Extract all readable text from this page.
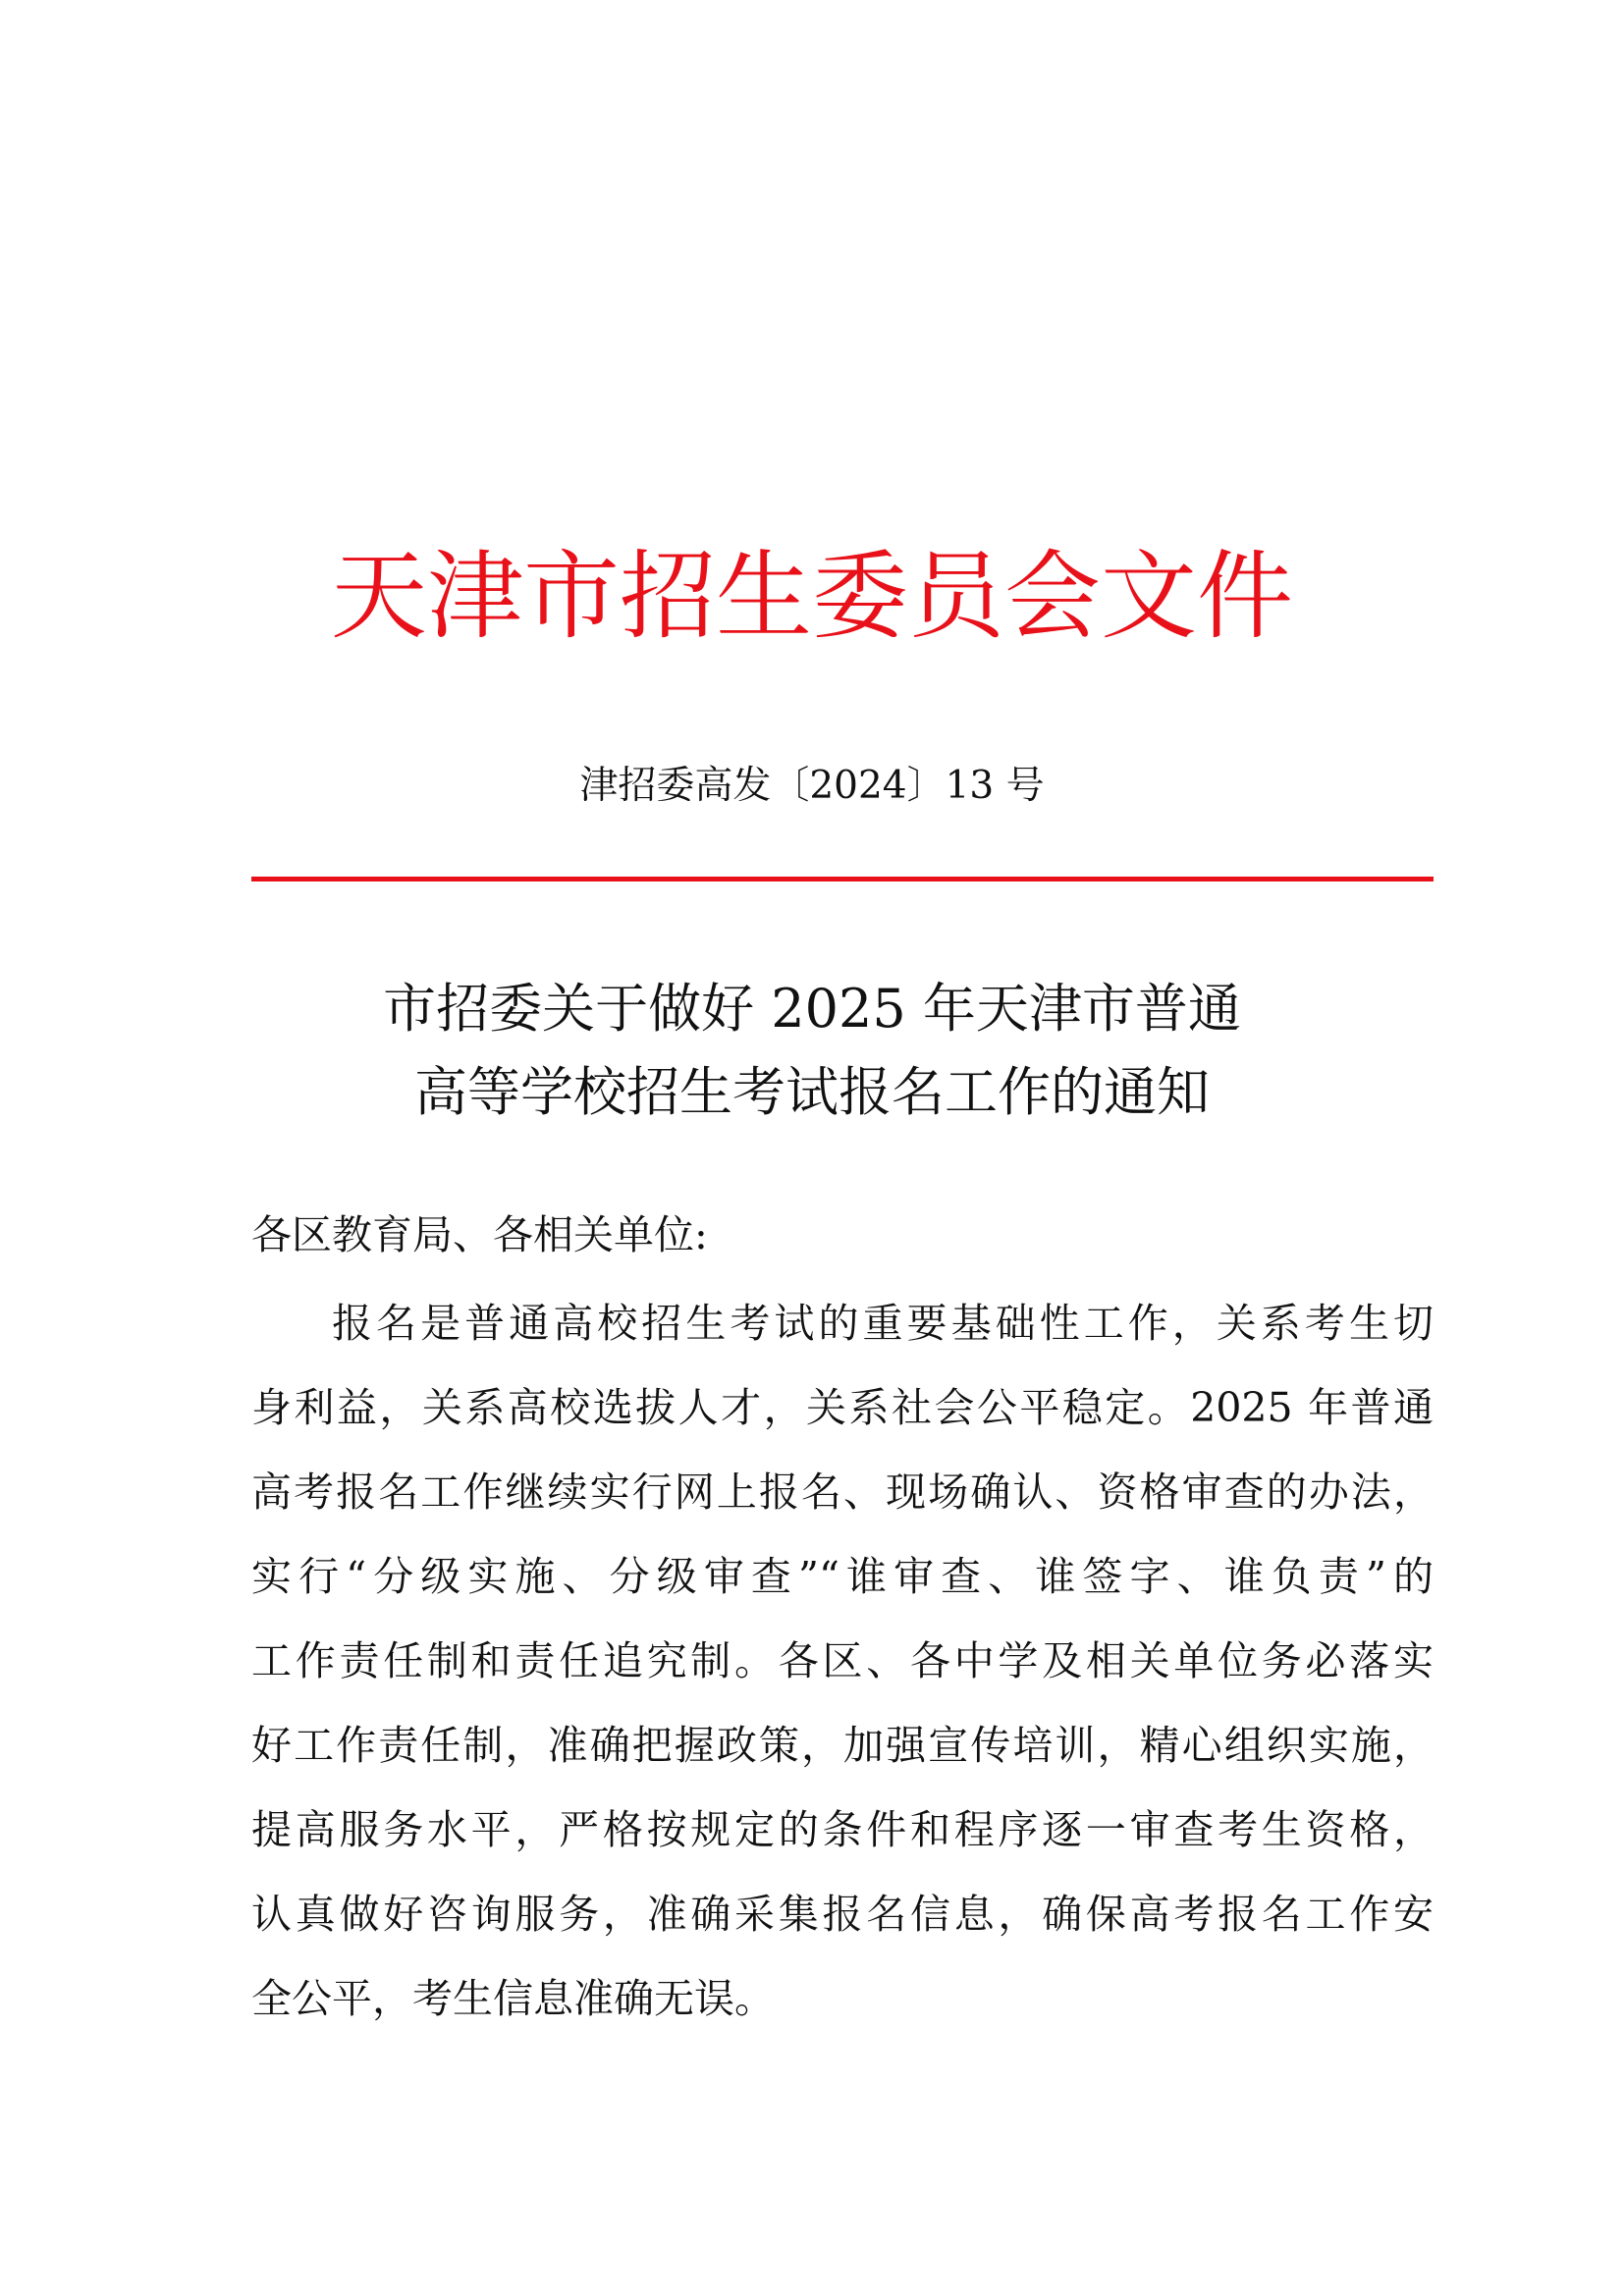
天津市招生委员会文件
津招委高发〔2024〕13 号
市招委关于做好 2025 年天津市普通
高等学校招生考试报名工作的通知
各区教育局、各相关单位:
报名是普通高校招生考试的重要基础性工作，关系考生切
身利益，关系高校选拔人才，关系社会公平稳定。2025 年普通
高考报名工作继续实行网上报名、现场确认、资格审查的办法，
实行“分级实施、分级审查”“谁审查、谁签字、谁负责”的
工作责任制和责任追究制。各区、各中学及相关单位务必落实
好工作责任制，准确把握政策，加强宣传培训，精心组织实施，
提高服务水平，严格按规定的条件和程序逐一审查考生资格，
认真做好咨询服务，准确采集报名信息，确保高考报名工作安
全公平，考生信息准确无误。
